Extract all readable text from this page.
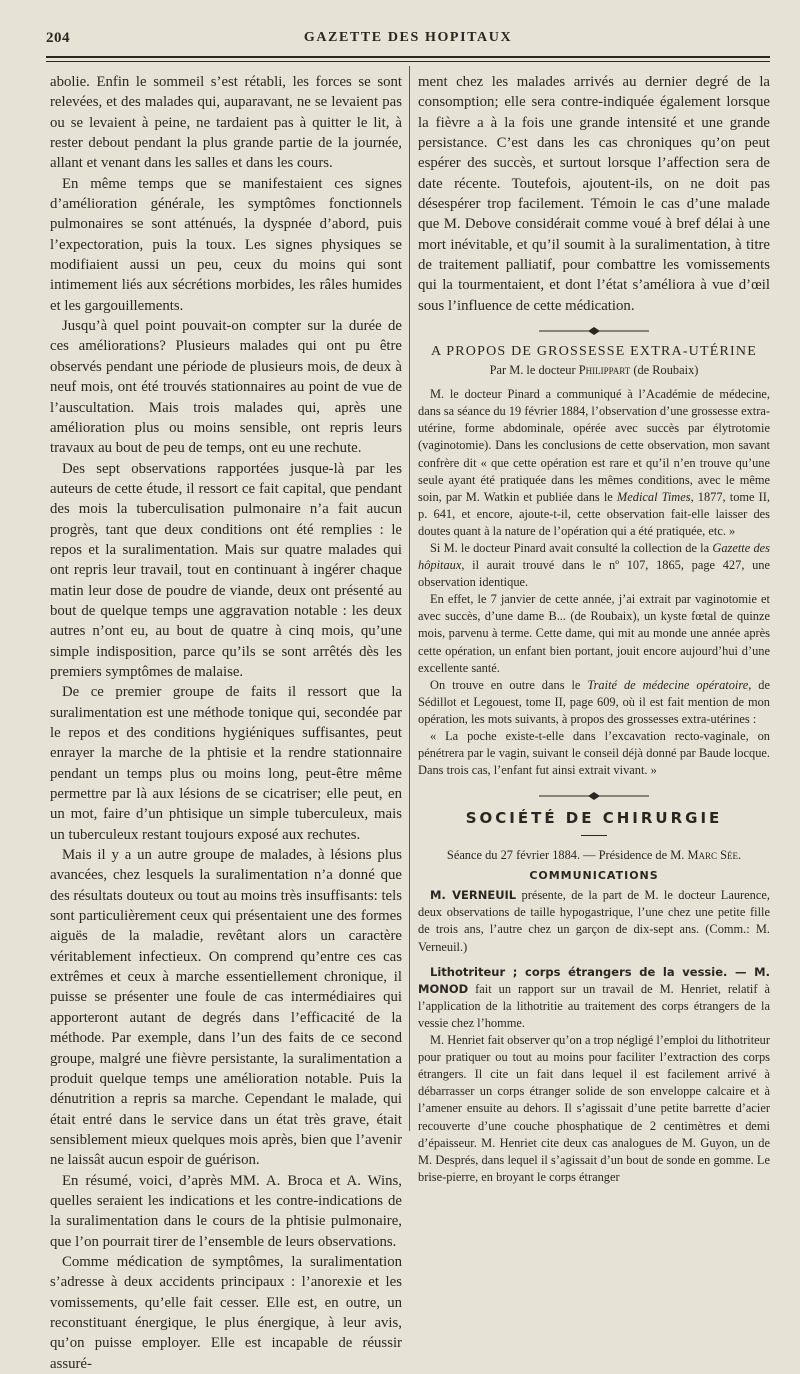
204	GAZETTE DES HOPITAUX

abolie. Enfin le sommeil s’est rétabli, les forces se sont relevées, et des malades qui, auparavant, ne se levaient pas ou se levaient à peine, ne tardaient pas à quitter le lit, à rester debout pendant la plus grande partie de la journée, allant et venant dans les salles et dans les cours.

En même temps que se manifestaient ces signes d’amélioration générale, les symptômes fonctionnels pulmonaires se sont atténués, la dyspnée d’abord, puis l’expectoration, puis la toux. Les signes physiques se modifiaient aussi un peu, ceux du moins qui sont intimement liés aux sécrétions morbides, les râles humides et les gargouillements.

Jusqu’à quel point pouvait-on compter sur la durée de ces améliorations? Plusieurs malades qui ont pu être observés pendant une période de plusieurs mois, de deux à neuf mois, ont été trouvés stationnaires au point de vue de l’auscultation. Mais trois malades qui, après une amélioration plus ou moins sensible, ont repris leurs travaux au bout de peu de temps, ont eu une rechute.

Des sept observations rapportées jusque-là par les auteurs de cette étude, il ressort ce fait capital, que pendant des mois la tuberculisation pulmonaire n’a fait aucun progrès, tant que deux conditions ont été remplies : le repos et la suralimentation. Mais sur quatre malades qui ont repris leur travail, tout en continuant à ingérer chaque matin leur dose de poudre de viande, deux ont présenté au bout de quelque temps une aggravation notable : les deux autres n’ont eu, au bout de quatre à cinq mois, qu’une simple indisposition, parce qu’ils se sont arrêtés dès les premiers symptômes de malaise.

De ce premier groupe de faits il ressort que la suralimentation est une méthode tonique qui, secondée par le repos et des conditions hygiéniques suffisantes, peut enrayer la marche de la phtisie et la rendre stationnaire pendant un temps plus ou moins long, peut-être même permettre par là aux lésions de se cicatriser; elle peut, en un mot, faire d’un phtisique un simple tuberculeux, mais un tuberculeux restant toujours exposé aux rechutes.

Mais il y a un autre groupe de malades, à lésions plus avancées, chez lesquels la suralimentation n’a donné que des résultats douteux ou tout au moins très insuffisants: tels sont particulièrement ceux qui présentaient une des formes aiguës de la maladie, revêtant alors un caractère véritablement infectieux. On comprend qu’entre ces cas extrêmes et ceux à marche essentiellement chronique, il puisse se présenter une foule de cas intermédiaires qui apporteront autant de degrés dans l’efficacité de la méthode. Par exemple, dans l’un des faits de ce second groupe, malgré une fièvre persistante, la suralimentation a produit quelque temps une amélioration notable. Puis la dénutrition a repris sa marche. Cependant le malade, qui était entré dans le service dans un état très grave, était sensiblement mieux quelques mois après, bien que l’avenir ne laissât aucun espoir de guérison.

En résumé, voici, d’après MM. A. Broca et A. Wins, quelles seraient les indications et les contre-indications de la suralimentation dans le cours de la phtisie pulmonaire, que l’on pourrait tirer de l’ensemble de leurs observations.

Comme médication de symptômes, la suralimentation s’adresse à deux accidents principaux : l’anorexie et les vomissements, qu’elle fait cesser. Elle est, en outre, un reconstituant énergique, le plus énergique, à leur avis, qu’on puisse employer. Elle est incapable de réussir assuré-

ment chez les malades arrivés au dernier degré de la consomption; elle sera contre-indiquée également lorsque la fièvre a à la fois une grande intensité et une grande persistance. C’est dans les cas chroniques qu’on peut espérer des succès, et surtout lorsque l’affection sera de date récente. Toutefois, ajoutent-ils, on ne doit pas désespérer trop facilement. Témoin le cas d’une malade que M. Debove considérait comme voué à bref délai à une mort inévitable, et qu’il soumit à la suralimentation, à titre de traitement palliatif, pour combattre les vomissements qui la tourmentaient, et dont l’état s’améliora à vue d’œil sous l’influence de cette médication.

A PROPOS DE GROSSESSE EXTRA-UTÉRINE
Par M. le docteur Philippart (de Roubaix)

M. le docteur Pinard a communiqué à l’Académie de médecine, dans sa séance du 19 février 1884, l’observation d’une grossesse extra-utérine, forme abdominale, opérée avec succès par élytrotomie (vaginotomie). Dans les conclusions de cette observation, mon savant confrère dit « que cette opération est rare et qu’il n’en trouve qu’une seule ayant été pratiquée dans les mêmes conditions, avec le même soin, par M. Watkin et publiée dans le Medical Times, 1877, tome II, p. 641, et encore, ajoute-t-il, cette observation fait-elle laisser des doutes quant à la nature de l’opération qui a été pratiquée, etc. »

Si M. le docteur Pinard avait consulté la collection de la Gazette des hôpitaux, il aurait trouvé dans le nº 107, 1865, page 427, une observation identique.

En effet, le 7 janvier de cette année, j’ai extrait par vaginotomie et avec succès, d’une dame B... (de Roubaix), un kyste fœtal de quinze mois, parvenu à terme. Cette dame, qui mit au monde une année après cette opération, un enfant bien portant, jouit encore aujourd’hui d’une excellente santé.

On trouve en outre dans le Traité de médecine opératoire, de Sédillot et Legouest, tome II, page 609, où il est fait mention de mon opération, les mots suivants, à propos des grossesses extra-utérines :

« La poche existe-t-elle dans l’excavation recto-vaginale, on pénétrera par le vagin, suivant le conseil déjà donné par Baude locque. Dans trois cas, l’enfant fut ainsi extrait vivant. »

SOCIÉTÉ DE CHIRURGIE
Séance du 27 février 1884. — Présidence de M. Marc Sée.
COMMUNICATIONS

M. VERNEUIL présente, de la part de M. le docteur Laurence, deux observations de taille hypogastrique, l’une chez une petite fille de trois ans, l’autre chez un garçon de dix-sept ans. (Comm.: M. Verneuil.)

Lithotriteur ; corps étrangers de la vessie. — M. MONOD fait un rapport sur un travail de M. Henriet, relatif à l’application de la lithotritie au traitement des corps étrangers de la vessie chez l’homme.

M. Henriet fait observer qu’on a trop négligé l’emploi du lithotriteur pour pratiquer ou tout au moins pour faciliter l’extraction des corps étrangers. Il cite un fait dans lequel il est facilement arrivé à débarrasser un corps étranger solide de son enveloppe calcaire et à l’amener ensuite au dehors. Il s’agissait d’une petite barrette d’acier recouverte d’une couche phosphatique de 2 centimètres et demi d’épaisseur. M. Henriet cite deux cas analogues de M. Guyon, un de M. Després, dans lequel il s’agissait d’un bout de sonde en gomme. Le brise-pierre, en broyant le corps étranger
